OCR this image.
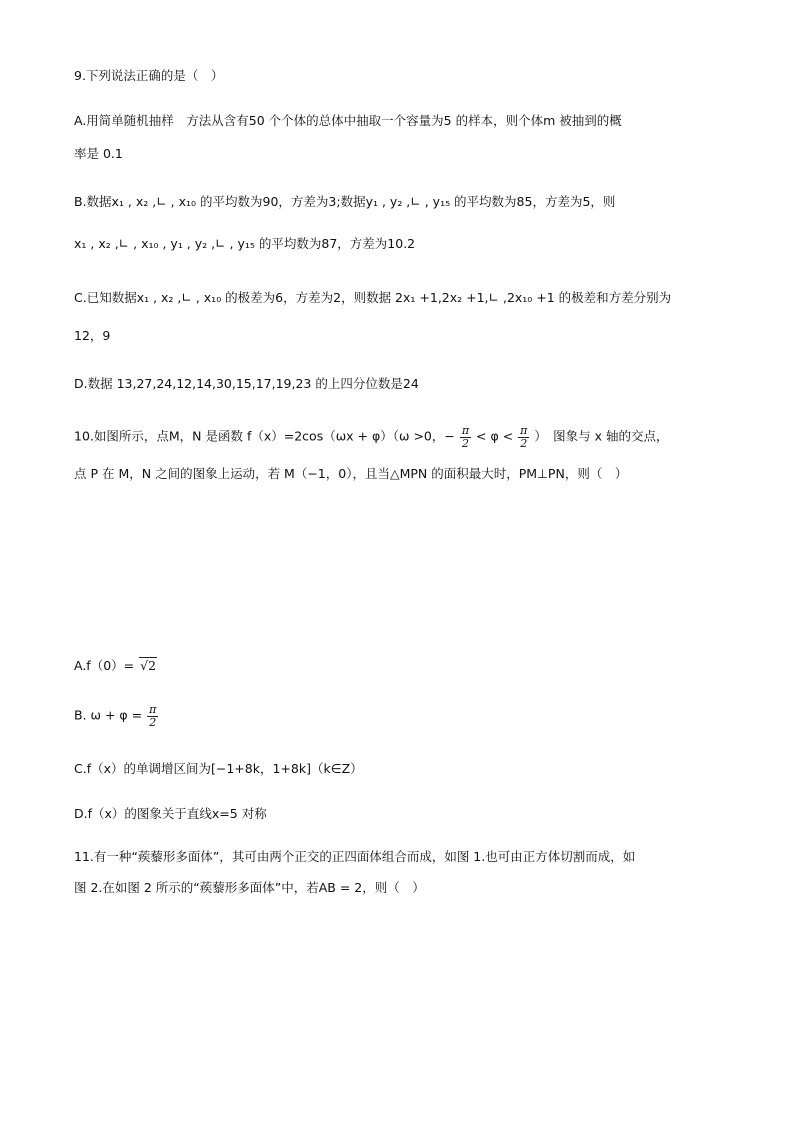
9.下列说法正确的是（　）
A.用简单随机抽样　方法从含有50 个个体的总体中抽取一个容量为5 的样本，则个体m 被抽到的概
率是 0.1
B.数据x₁ , x₂ ,∟ , x₁₀ 的平均数为90，方差为3;数据y₁ , y₂ ,∟ , y₁₅ 的平均数为85，方差为5，则
x₁ , x₂ ,∟ , x₁₀ , y₁ , y₂ ,∟ , y₁₅ 的平均数为87，方差为10.2
C.已知数据x₁ , x₂ ,∟ , x₁₀ 的极差为6，方差为2，则数据 2x₁ +1,2x₂ +1,∟ ,2x₁₀ +1 的极差和方差分别为
12，9
D.数据 13,27,24,12,14,30,15,17,19,23 的上四分位数是24
10.如图所示，点M，N 是函数 f（x）=2cos（ωx + φ）（ω >0，− $\frac{\pi}{2} < \varphi < \frac{\pi}{2}$ ）　图象与 x 轴的交点，
点 P 在 M，N 之间的图象上运动，若 M（−1，0），且当△MPN 的面积最大时，PM⊥PN，则（　）
A.f（0）= √2
B. $\omega + \varphi = \frac{\pi}{2}$
C.f（x）的单调增区间为[−1+8k，1+8k]（k∈Z）
D.f（x）的图象关于直线x=5 对称
11.有一种“蒺藜形多面体”，其可由两个正交的正四面体组合而成，如图 1.也可由正方体切割而成，如
图 2.在如图 2 所示的“蒺藜形多面体”中，若AB = 2，则（　）
